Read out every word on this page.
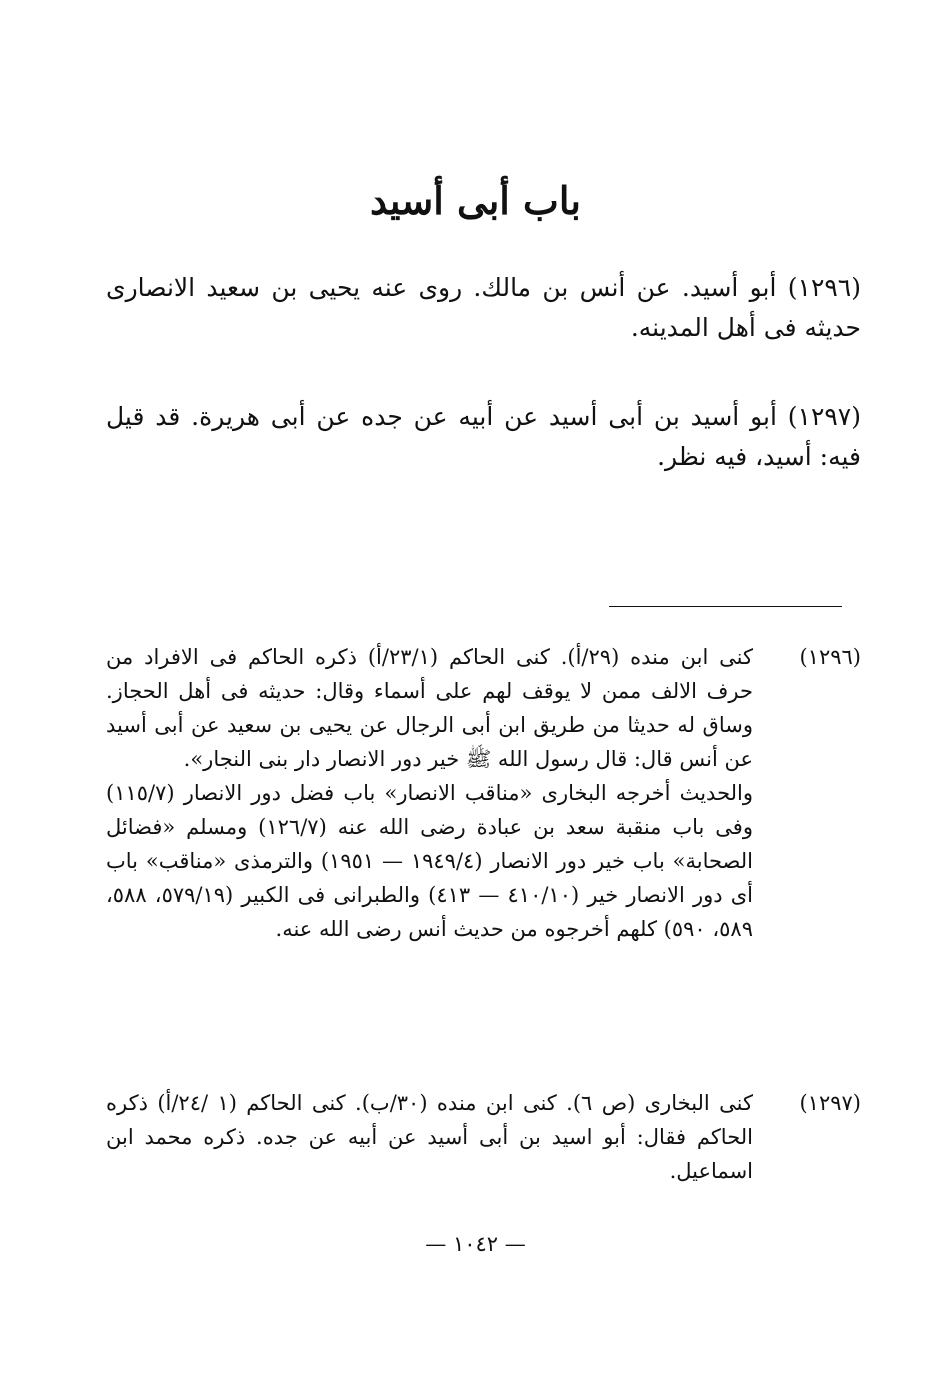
باب أبى أسيد
(١٢٩٦) أبو أسيد. عن أنس بن مالك. روى عنه يحيى بن سعيد الانصارى حديثه فى أهل المدينه.
(١٢٩٧) أبو أسيد بن أبى أسيد عن أبيه عن جده عن أبى هريرة. قد قيل فيه: أسيد، فيه نظر.
(١٢٩٦)

كنى ابن منده (٢٩/أ). كنى الحاكم (٢٣/١/أ) ذكره الحاكم فى الافراد من حرف الالف ممن لا يوقف لهم على أسماء وقال: حديثه فى أهل الحجاز. وساق له حديثا من طريق ابن أبى الرجال عن يحيى بن سعيد عن أبى أسيد عن أنس قال: قال رسول الله ﷺ خير دور الانصار دار بنى النجار».

والحديث أخرجه البخارى «مناقب الانصار» باب فضل دور الانصار (١١٥/٧) وفى باب منقبة سعد بن عبادة رضى الله عنه (١٢٦/٧) ومسلم «فضائل الصحابة» باب خير دور الانصار (١٩٤٩/٤ — ١٩٥١) والترمذى «مناقب» باب أى دور الانصار خير (٤١٠/١٠ — ٤١٣) والطبرانى فى الكبير (٥٧٩/١٩، ٥٨٨، ٥٨٩، ٥٩٠) كلهم أخرجوه من حديث أنس رضى الله عنه.

(١٢٩٧)

كنى البخارى (ص ٦). كنى ابن منده (٣٠/ب). كنى الحاكم (١ /٢٤/أ) ذكره الحاكم فقال: أبو اسيد بن أبى أسيد عن أبيه عن جده. ذكره محمد ابن اسماعيل.

— ١٠٤٢ —
